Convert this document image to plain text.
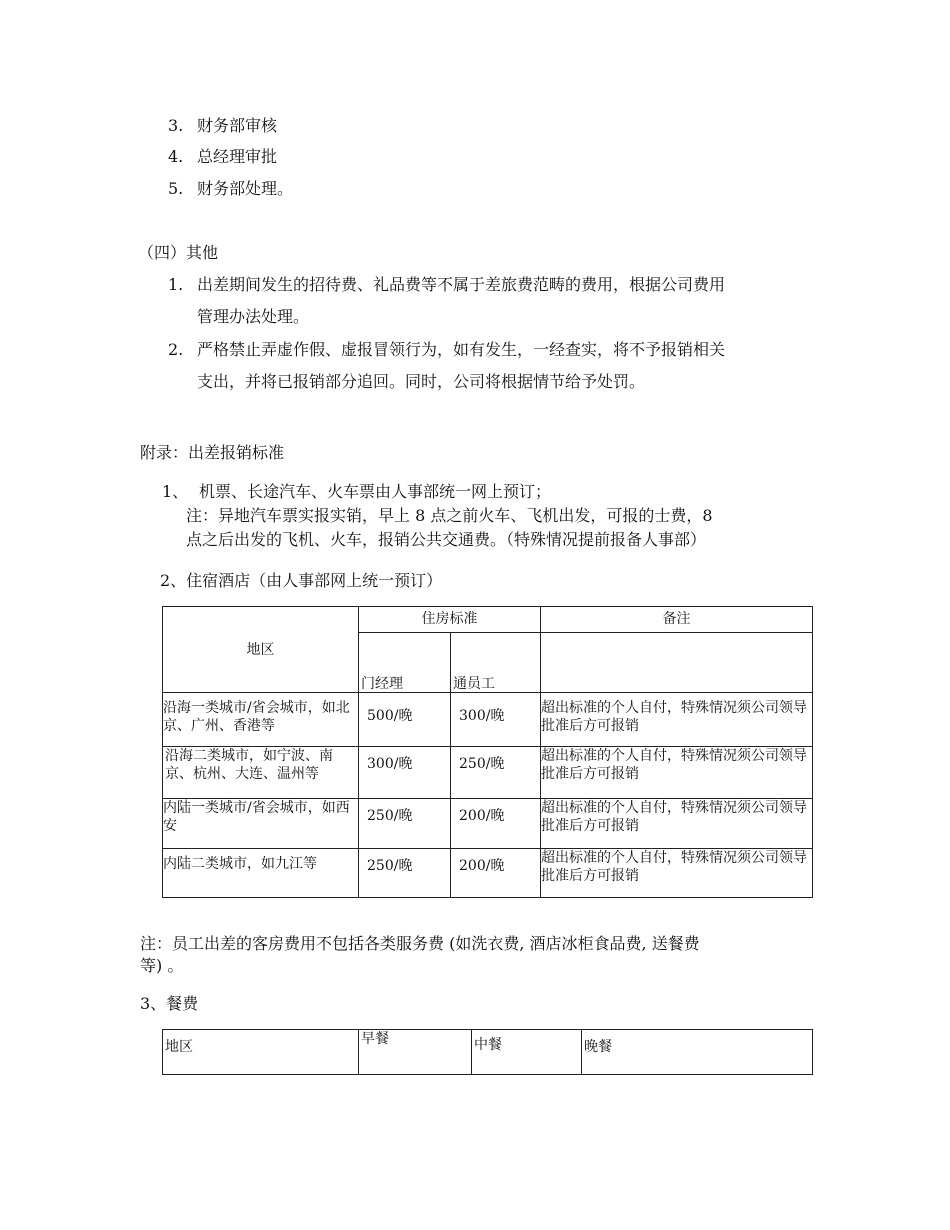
3. 财务部审核
4. 总经理审批
5. 财务部处理。
（四）其他
1. 出差期间发生的招待费、礼品费等不属于差旅费范畴的费用，根据公司费用
管理办法处理。
2. 严格禁止弄虚作假、虚报冒领行为，如有发生，一经查实，将不予报销相关
支出，并将已报销部分追回。同时，公司将根据情节给予处罚。
附录：出差报销标准
1、 机票、长途汽车、火车票由人事部统一网上预订；
注：异地汽车票实报实销，早上 8 点之前火车、飞机出发，可报的士费，8
点之后出发的飞机、火车，报销公共交通费。（特殊情况提前报备人事部）
2、住宿酒店（由人事部网上统一预订）
地区	住房标准		备注

	门经理	通员工	

沿海一类城市/省会城市，如北京、广州、香港等	500/晚	300/晚	超出标准的个人自付，特殊情况须公司领导批准后方可报销
沿海二类城市，如宁波、南京、杭州、大连、温州等	300/晚	250/晚	超出标准的个人自付，特殊情况须公司领导批准后方可报销
内陆一类城市/省会城市，如西安	250/晚	200/晚	超出标准的个人自付，特殊情况须公司领导批准后方可报销
内陆二类城市，如九江等	250/晚	200/晚	超出标准的个人自付，特殊情况须公司领导批准后方可报销
注：员工出差的客房费用不包括各类服务费 (如洗衣费, 酒店冰柜食品费, 送餐费
等) 。
3、餐费
地区	早餐	中餐	晚餐
